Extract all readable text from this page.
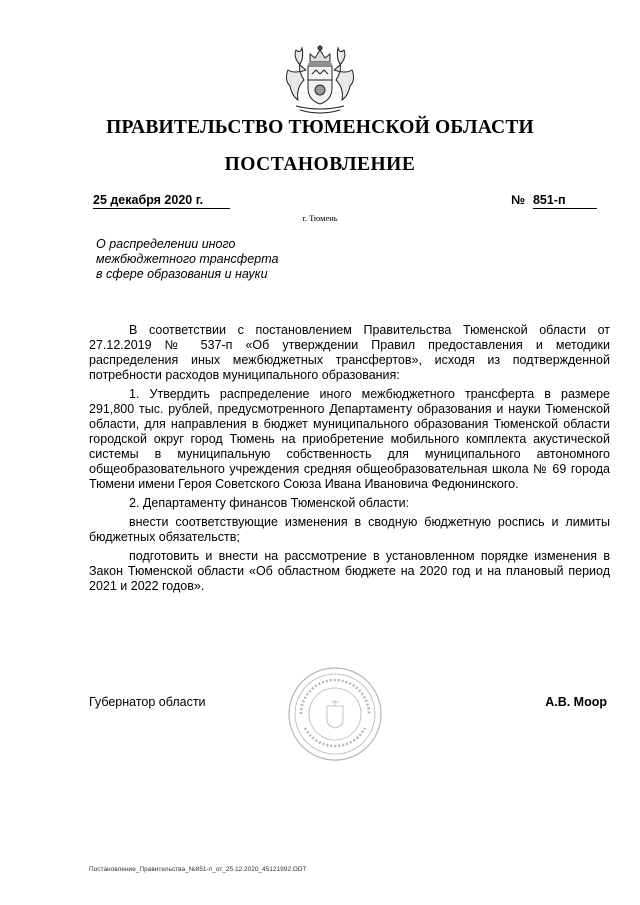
ПРАВИТЕЛЬСТВО ТЮМЕНСКОЙ ОБЛАСТИ
ПОСТАНОВЛЕНИЕ
25 декабря 2020 г.	№ 851-п
г. Тюмень
О распределении иного
межбюджетного трансферта
в сфере образования и науки

В соответствии с постановлением Правительства Тюменской области от 27.12.2019 № 537-п «Об утверждении Правил предоставления и методики распределения иных межбюджетных трансфертов», исходя из подтвержденной потребности расходов муниципального образования:

1. Утвердить распределение иного межбюджетного трансферта в размере 291,800 тыс. рублей, предусмотренного Департаменту образования и науки Тюменской области, для направления в бюджет муниципального образования Тюменской области городской округ город Тюмень на приобретение мобильного комплекта акустической системы в муниципальную собственность для муниципального автономного общеобразовательного учреждения средняя общеобразовательная школа № 69 города Тюмени имени Героя Советского Союза Ивана Ивановича Федюнинского.

2. Департаменту финансов Тюменской области:

внести соответствующие изменения в сводную бюджетную роспись и лимиты бюджетных обязательств;

подготовить и внести на рассмотрение в установленном порядке изменения в Закон Тюменской области «Об областном бюджете на 2020 год и на плановый период 2021 и 2022 годов».

Губернатор области	А.В. Моор
Постановление_Правительства_№851-п_от_25.12.2020_45121992.ODT
